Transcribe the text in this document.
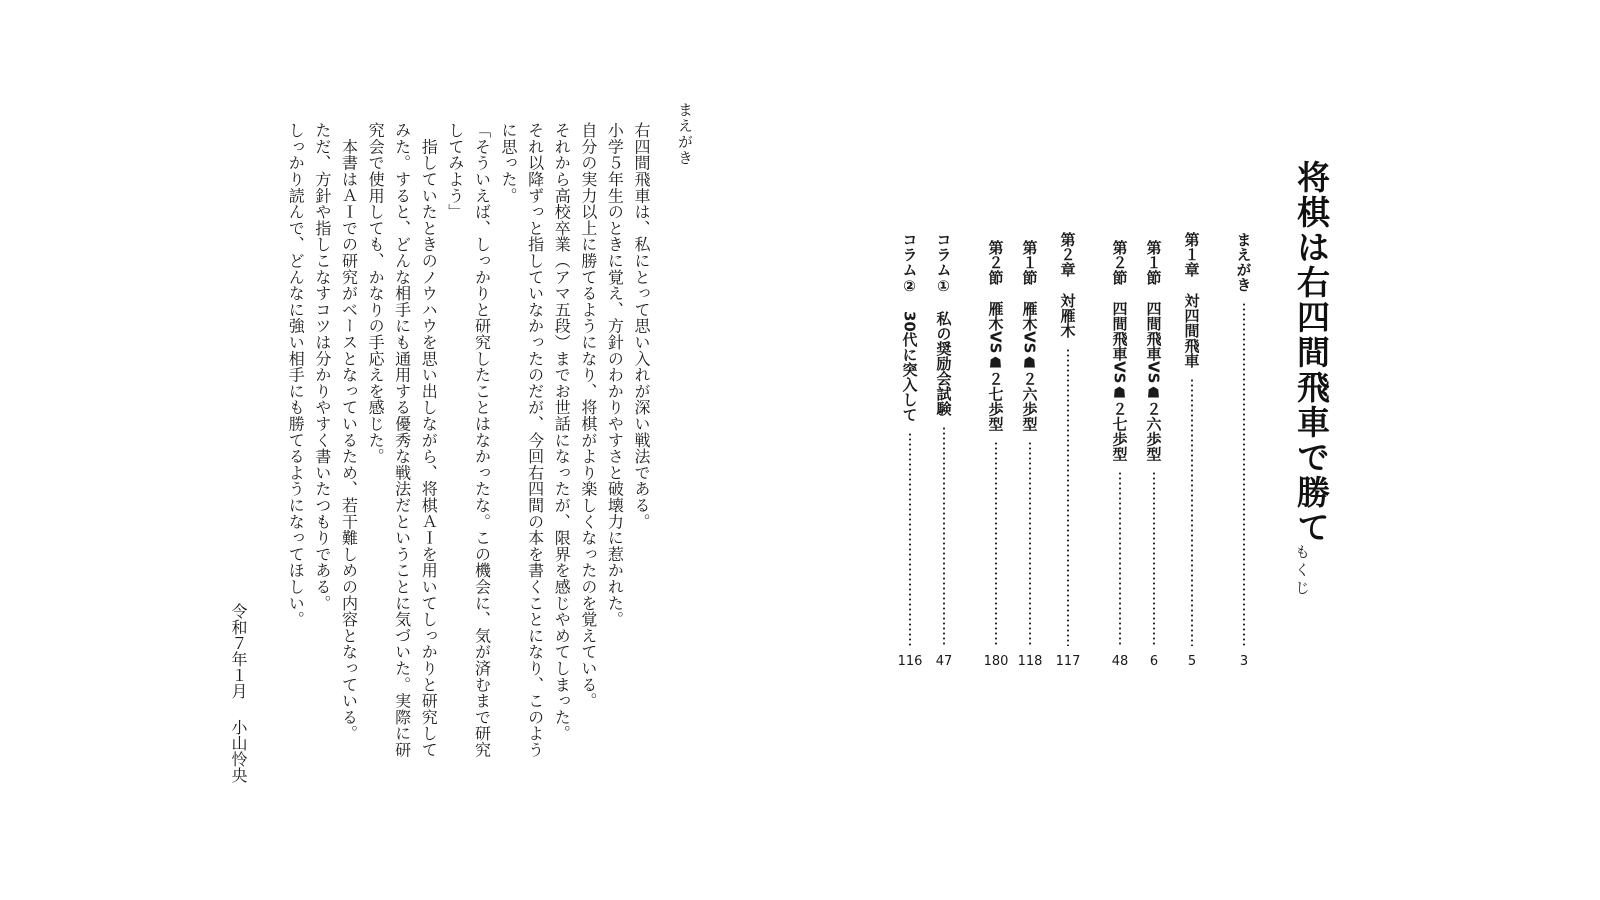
まえがき

右四間飛車は、私にとって思い入れが深い戦法である。

小学５年生のときに覚え、方針のわかりやすさと破壊力に惹かれた。

自分の実力以上に勝てるようになり、将棋がより楽しくなったのを覚えている。

それから高校卒業（アマ五段）までお世話になったが、限界を感じやめてしまった。

それ以降ずっと指していなかったのだが、今回右四間の本を書くことになり、このように思った。

「そういえば、しっかりと研究したことはなかったな。この機会に、気が済むまで研究してみよう」

　指していたときのノウハウを思い出しながら、将棋ＡＩを用いてしっかりと研究してみた。すると、どんな相手にも通用する優秀な戦法だということに気づいた。実際に研究会で使用しても、かなりの手応えを感じた。

　本書はＡＩでの研究がベースとなっているため、若干難しめの内容となっている。

ただ、方針や指しこなすコツは分かりやすく書いたつもりである。

しっかり読んで、どんなに強い相手にも勝てるようになってほしい。

令和７年１月
小山怜央
将棋は右四間飛車で勝て
もくじ
まえがき
3
第１章
対四間飛車
5
第１節
四間飛車VS☗２六歩型
6
第２節
四間飛車VS☗２七歩型
48
第２章
対雁木
117
第１節
雁木VS☗２六歩型
118
第２節
雁木VS☗２七歩型
180
コラム①
私の奨励会試験
47
コラム②
30代に突入して
116
